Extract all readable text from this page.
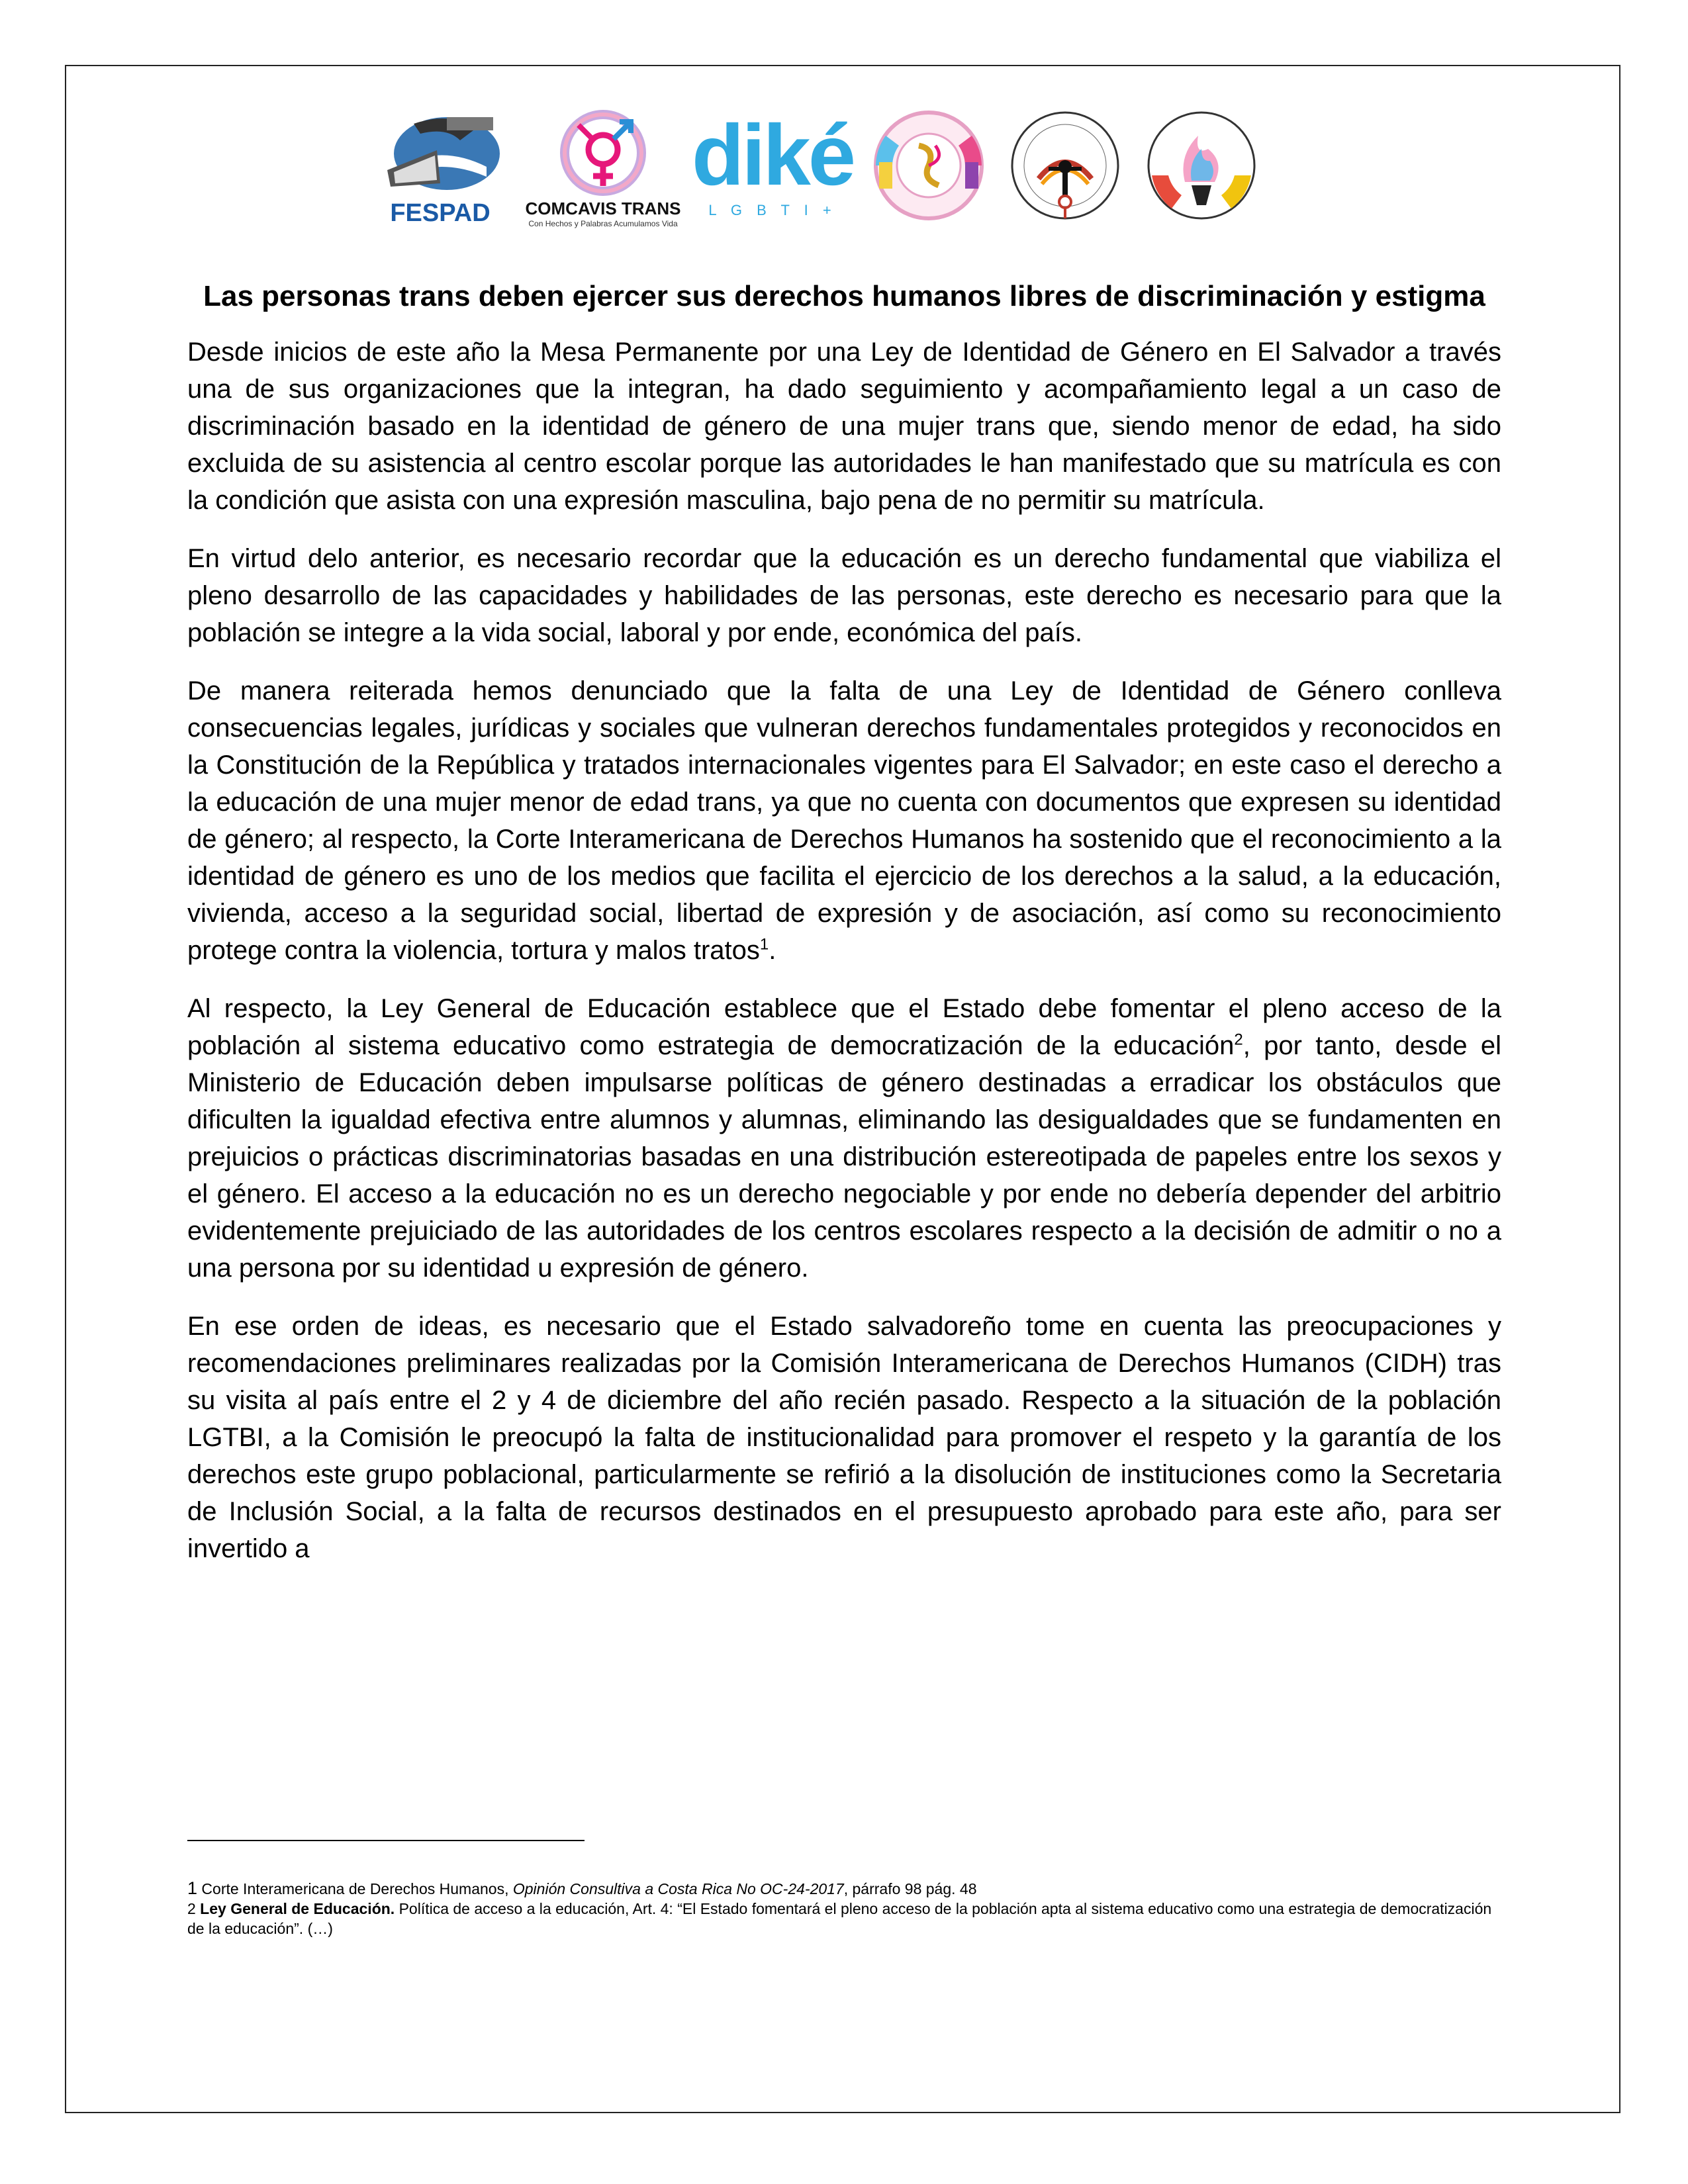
FESPAD COMCAVIS TRANS
Con Hechos y Palabras Acumulamos Vida
diké
L G B T I +
Las personas trans deben ejercer sus derechos humanos libres de discriminación y estigma

Desde inicios de este año la Mesa Permanente por una Ley de Identidad de Género en El Salvador a través una de sus organizaciones que la integran, ha dado seguimiento y acompañamiento legal a un caso de discriminación basado en la identidad de género de una mujer trans que, siendo menor de edad, ha sido excluida de su asistencia al centro escolar porque las autoridades le han manifestado que su matrícula es con la condición que asista con una expresión masculina, bajo pena de no permitir su matrícula.

En virtud delo anterior, es necesario recordar que la educación es un derecho fundamental que viabiliza el pleno desarrollo de las capacidades y habilidades de las personas, este derecho es necesario para que la población se integre a la vida social, laboral y por ende, económica del país.

De manera reiterada hemos denunciado que la falta de una Ley de Identidad de Género conlleva consecuencias legales, jurídicas y sociales que vulneran derechos fundamentales protegidos y reconocidos en la Constitución de la República y tratados internacionales vigentes para El Salvador; en este caso el derecho a la educación de una mujer menor de edad trans, ya que no cuenta con documentos que expresen su identidad de género; al respecto, la Corte Interamericana de Derechos Humanos ha sostenido que el reconocimiento a la identidad de género es uno de los medios que facilita el ejercicio de los derechos a la salud, a la educación, vivienda, acceso a la seguridad social, libertad de expresión y de asociación, así como su reconocimiento protege contra la violencia, tortura y malos tratos$^1$.

Al respecto, la Ley General de Educación establece que el Estado debe fomentar el pleno acceso de la población al sistema educativo como estrategia de democratización de la educación$^2$, por tanto, desde el Ministerio de Educación deben impulsarse políticas de género destinadas a erradicar los obstáculos que dificulten la igualdad efectiva entre alumnos y alumnas, eliminando las desigualdades que se fundamenten en prejuicios o prácticas discriminatorias basadas en una distribución estereotipada de papeles entre los sexos y el género. El acceso a la educación no es un derecho negociable y por ende no debería depender del arbitrio evidentemente prejuiciado de las autoridades de los centros escolares respecto a la decisión de admitir o no a una persona por su identidad u expresión de género.

En ese orden de ideas, es necesario que el Estado salvadoreño tome en cuenta las preocupaciones y recomendaciones preliminares realizadas por la Comisión Interamericana de Derechos Humanos (CIDH) tras su visita al país entre el 2 y 4 de diciembre del año recién pasado. Respecto a la situación de la población LGTBI, a la Comisión le preocupó la falta de institucionalidad para promover el respeto y la garantía de los derechos este grupo poblacional, particularmente se refirió a la disolución de instituciones como la Secretaria de Inclusión Social, a la falta de recursos destinados en el presupuesto aprobado para este año, para ser invertido a

1 Corte Interamericana de Derechos Humanos, Opinión Consultiva a Costa Rica No OC-24-2017, párrafo 98 pág. 48

2 Ley General de Educación. Política de acceso a la educación, Art. 4: “El Estado fomentará el pleno acceso de la población apta al sistema educativo como una estrategia de democratización de la educación”. (…)
